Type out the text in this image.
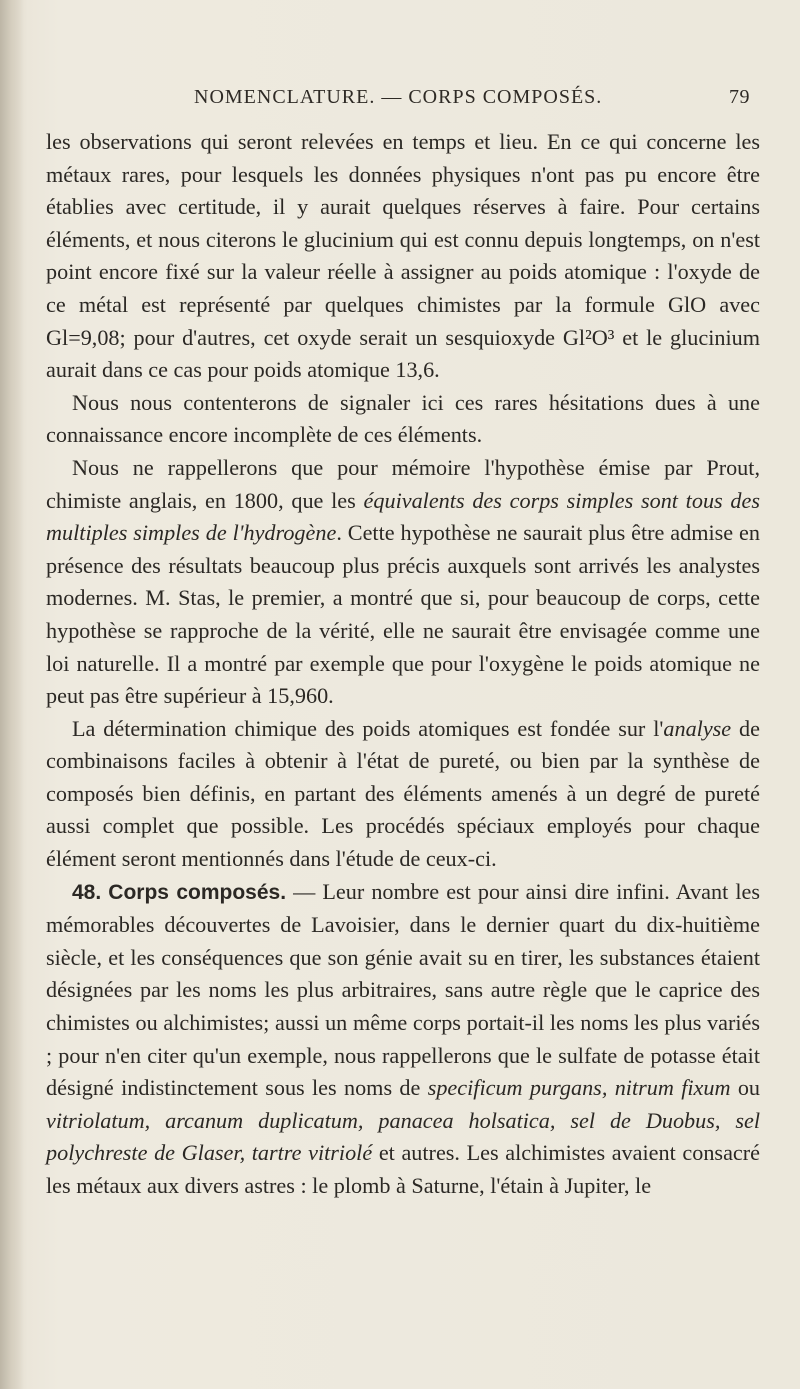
NOMENCLATURE. — CORPS COMPOSÉS.	79

les observations qui seront relevées en temps et lieu. En ce qui concerne les métaux rares, pour lesquels les données physiques n'ont pas pu encore être établies avec certitude, il y aurait quelques réserves à faire. Pour certains éléments, et nous citerons le glucinium qui est connu depuis longtemps, on n'est point encore fixé sur la valeur réelle à assigner au poids atomique : l'oxyde de ce métal est représenté par quelques chimistes par la formule GlO avec Gl=9,08; pour d'autres, cet oxyde serait un sesquioxyde Gl²O³ et le glucinium aurait dans ce cas pour poids atomique 13,6.

Nous nous contenterons de signaler ici ces rares hésitations dues à une connaissance encore incomplète de ces éléments.

Nous ne rappellerons que pour mémoire l'hypothèse émise par Prout, chimiste anglais, en 1800, que les équivalents des corps simples sont tous des multiples simples de l'hydrogène. Cette hypothèse ne saurait plus être admise en présence des résultats beaucoup plus précis auxquels sont arrivés les analystes modernes. M. Stas, le premier, a montré que si, pour beaucoup de corps, cette hypothèse se rapproche de la vérité, elle ne saurait être envisagée comme une loi naturelle. Il a montré par exemple que pour l'oxygène le poids atomique ne peut pas être supérieur à 15,960.

La détermination chimique des poids atomiques est fondée sur l'analyse de combinaisons faciles à obtenir à l'état de pureté, ou bien par la synthèse de composés bien définis, en partant des éléments amenés à un degré de pureté aussi complet que possible. Les procédés spéciaux employés pour chaque élément seront mentionnés dans l'étude de ceux-ci.

48. Corps composés. — Leur nombre est pour ainsi dire infini. Avant les mémorables découvertes de Lavoisier, dans le dernier quart du dix-huitième siècle, et les conséquences que son génie avait su en tirer, les substances étaient désignées par les noms les plus arbitraires, sans autre règle que le caprice des chimistes ou alchimistes; aussi un même corps portait-il les noms les plus variés ; pour n'en citer qu'un exemple, nous rappellerons que le sulfate de potasse était désigné indistinctement sous les noms de specificum purgans, nitrum fixum ou vitriolatum, arcanum duplicatum, panacea holsatica, sel de Duobus, sel polychreste de Glaser, tartre vitriolé et autres. Les alchimistes avaient consacré les métaux aux divers astres : le plomb à Saturne, l'étain à Jupiter, le
